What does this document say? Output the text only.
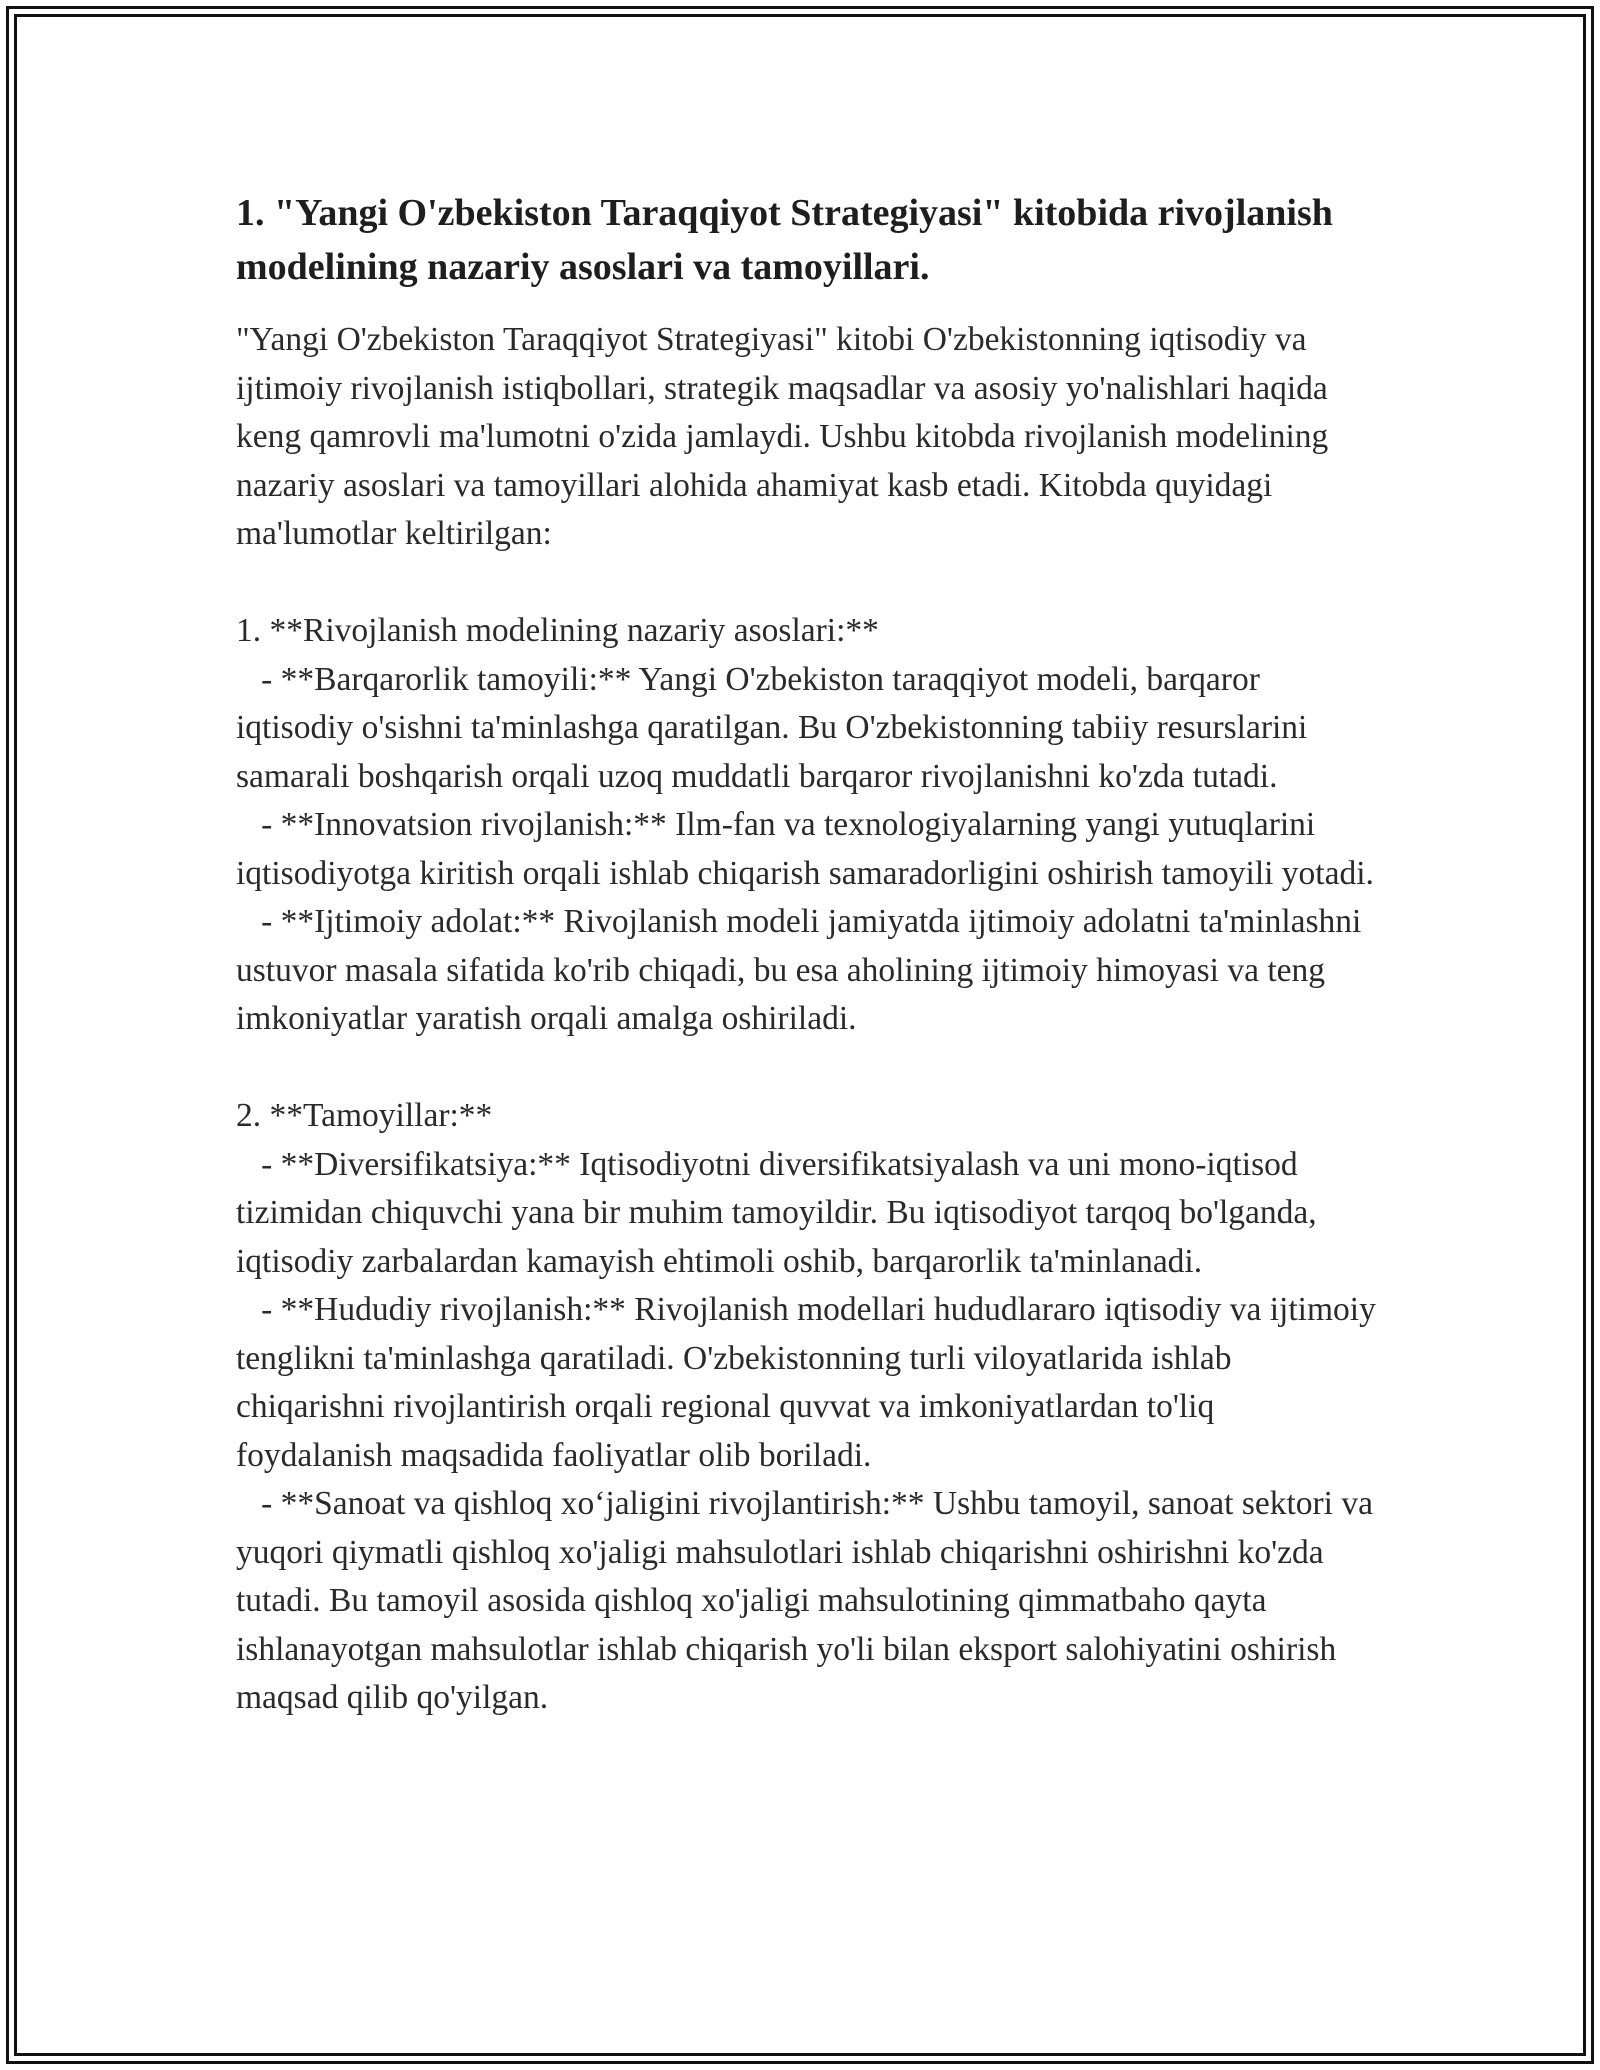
1. "Yangi O'zbekiston Taraqqiyot Strategiyasi" kitobida rivojlanish modelining nazariy asoslari va tamoyillari.

"Yangi O'zbekiston Taraqqiyot Strategiyasi" kitobi O'zbekistonning iqtisodiy va ijtimoiy rivojlanish istiqbollari, strategik maqsadlar va asosiy yo'nalishlari haqida keng qamrovli ma'lumotni o'zida jamlaydi. Ushbu kitobda rivojlanish modelining nazariy asoslari va tamoyillari alohida ahamiyat kasb etadi. Kitobda quyidagi ma'lumotlar keltirilgan:

1. **Rivojlanish modelining nazariy asoslari:**

- **Barqarorlik tamoyili:** Yangi O'zbekiston taraqqiyot modeli, barqaror iqtisodiy o'sishni ta'minlashga qaratilgan. Bu O'zbekistonning tabiiy resurslarini samarali boshqarish orqali uzoq muddatli barqaror rivojlanishni ko'zda tutadi.

- **Innovatsion rivojlanish:** Ilm-fan va texnologiyalarning yangi yutuqlarini iqtisodiyotga kiritish orqali ishlab chiqarish samaradorligini oshirish tamoyili yotadi.

- **Ijtimoiy adolat:** Rivojlanish modeli jamiyatda ijtimoiy adolatni ta'minlashni ustuvor masala sifatida ko'rib chiqadi, bu esa aholining ijtimoiy himoyasi va teng imkoniyatlar yaratish orqali amalga oshiriladi.

2. **Tamoyillar:**

- **Diversifikatsiya:** Iqtisodiyotni diversifikatsiyalash va uni mono-iqtisod tizimidan chiquvchi yana bir muhim tamoyildir. Bu iqtisodiyot tarqoq bo'lganda, iqtisodiy zarbalardan kamayish ehtimoli oshib, barqarorlik ta'minlanadi.

- **Hududiy rivojlanish:** Rivojlanish modellari hududlararo iqtisodiy va ijtimoiy tenglikni ta'minlashga qaratiladi. O'zbekistonning turli viloyatlarida ishlab chiqarishni rivojlantirish orqali regional quvvat va imkoniyatlardan to'liq foydalanish maqsadida faoliyatlar olib boriladi.

- **Sanoat va qishloq xo‘jaligini rivojlantirish:** Ushbu tamoyil, sanoat sektori va yuqori qiymatli qishloq xo'jaligi mahsulotlari ishlab chiqarishni oshirishni ko'zda tutadi. Bu tamoyil asosida qishloq xo'jaligi mahsulotining qimmatbaho qayta ishlanayotgan mahsulotlar ishlab chiqarish yo'li bilan eksport salohiyatini oshirish maqsad qilib qo'yilgan.
